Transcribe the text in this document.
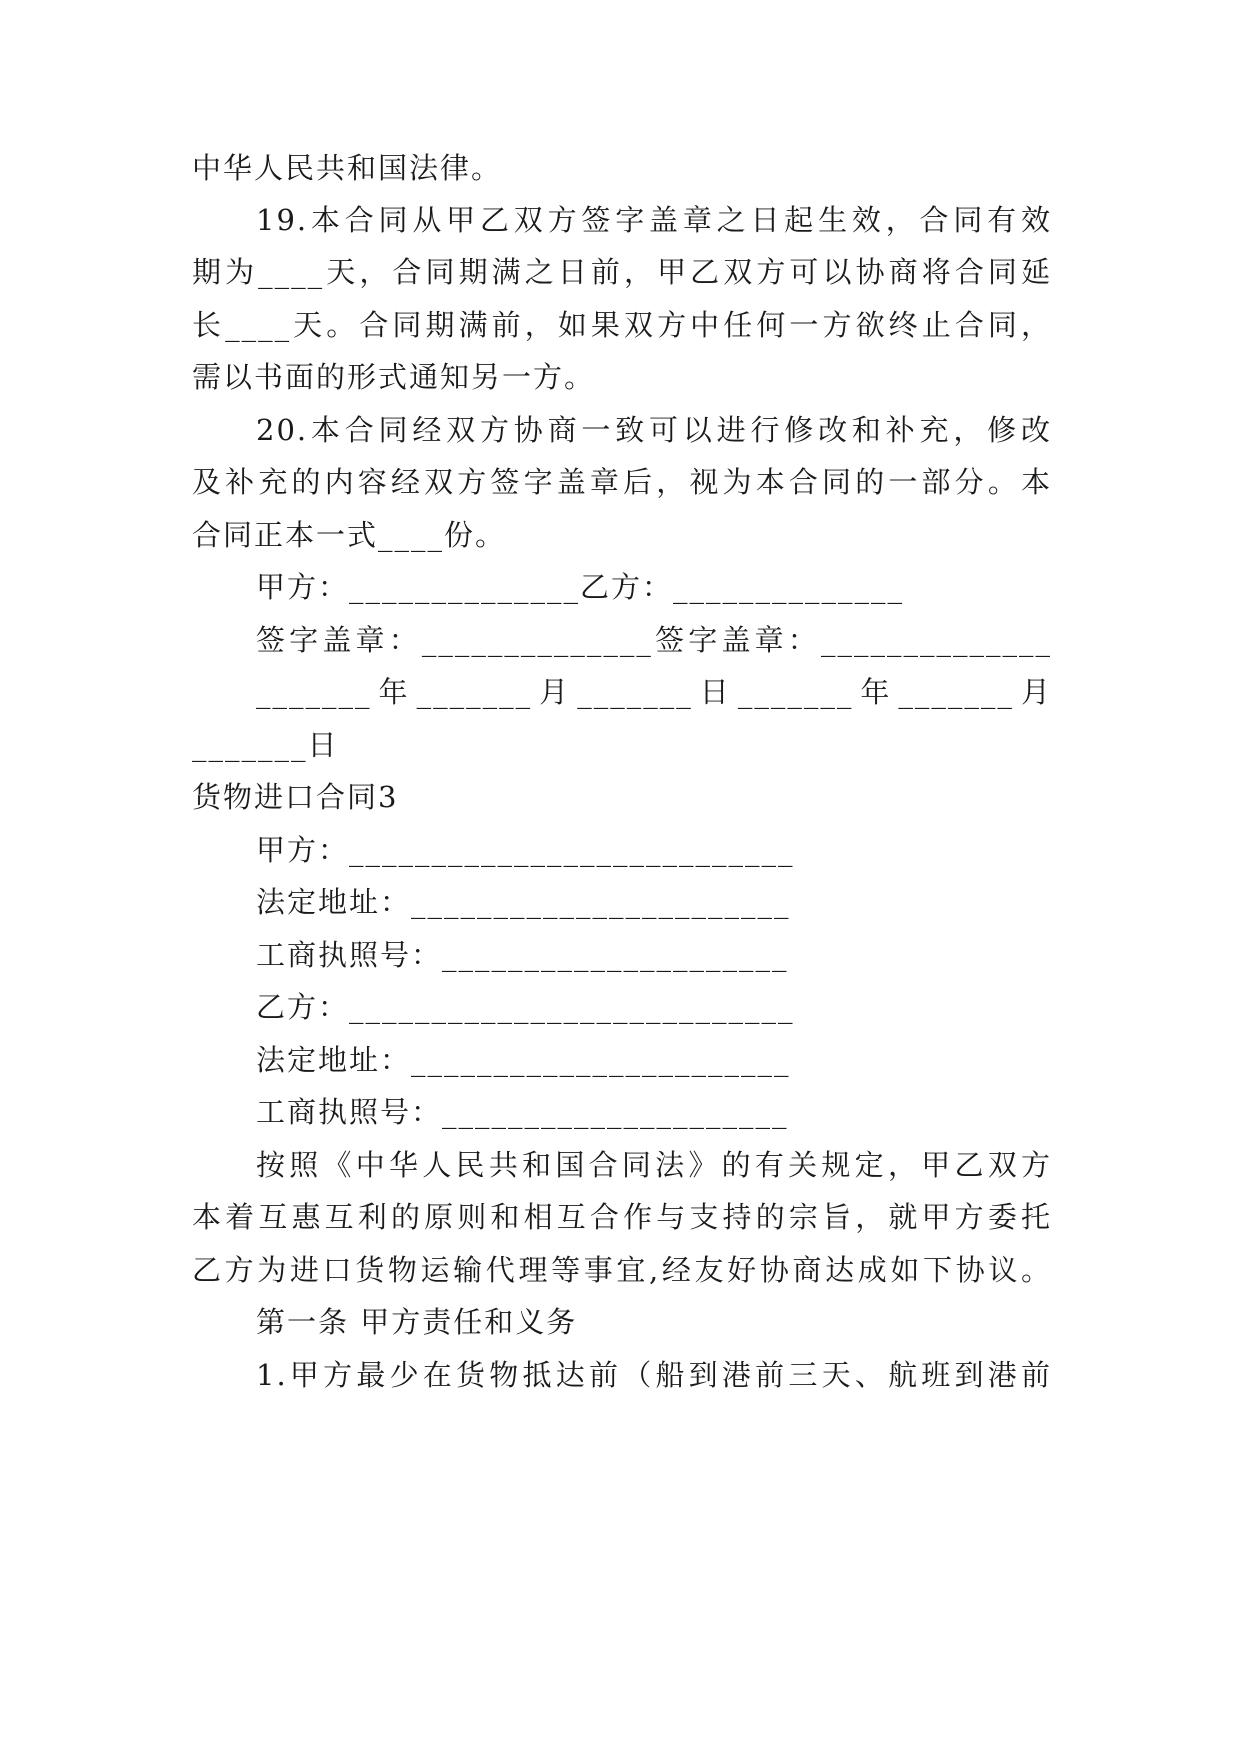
中华人民共和国法律。
19.本合同从甲乙双方签字盖章之日起生效，合同有效
期为____天，合同期满之日前，甲乙双方可以协商将合同延
长____天。合同期满前，如果双方中任何一方欲终止合同，
需以书面的形式通知另一方。
20.本合同经双方协商一致可以进行修改和补充，修改
及补充的内容经双方签字盖章后，视为本合同的一部分。本
合同正本一式____份。
甲方：______________乙方：______________
签字盖章：______________签字盖章：______________
_______年_______月_______日_______年_______月
_______日
货物进口合同3
甲方：___________________________
法定地址：_______________________
工商执照号：_____________________
乙方：___________________________
法定地址：_______________________
工商执照号：_____________________
按照《中华人民共和国合同法》的有关规定，甲乙双方
本着互惠互利的原则和相互合作与支持的宗旨，就甲方委托
乙方为进口货物运输代理等事宜,经友好协商达成如下协议。
第一条 甲方责任和义务
1.甲方最少在货物抵达前（船到港前三天、航班到港前
